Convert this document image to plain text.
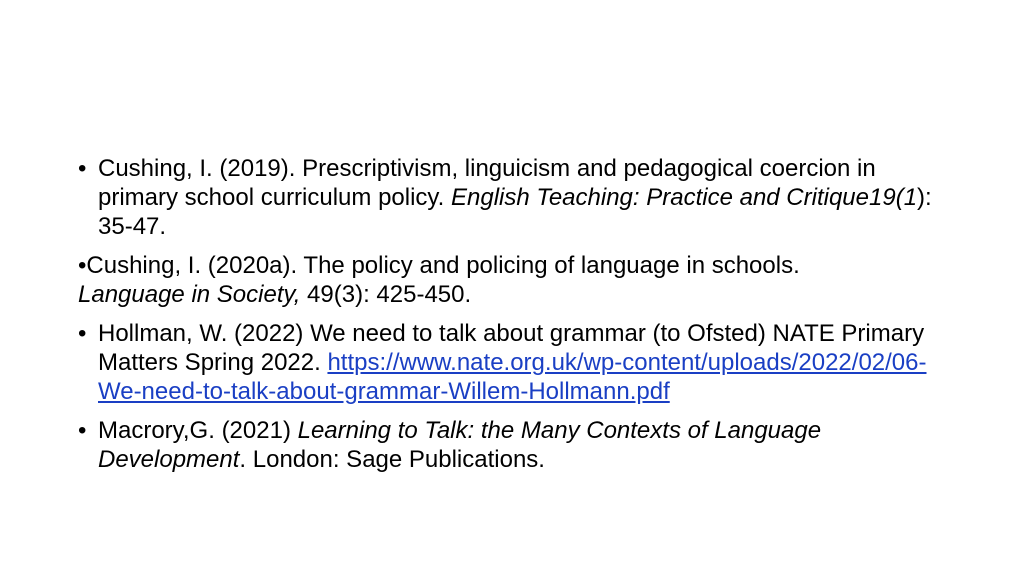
• Cushing, I. (2019). Prescriptivism, linguicism and pedagogical coercion in primary school curriculum policy. English Teaching: Practice and Critique19(1): 35-47.
•Cushing, I. (2020a). The policy and policing of language in schools.
Language in Society, 49(3): 425-450.
• Hollman, W. (2022) We need to talk about grammar (to Ofsted) NATE Primary Matters Spring 2022. https://www.nate.org.uk/wp-content/uploads/2022/02/06-We-need-to-talk-about-grammar-Willem-Hollmann.pdf
• Macrory,G. (2021) Learning to Talk: the Many Contexts of Language Development. London: Sage Publications.
